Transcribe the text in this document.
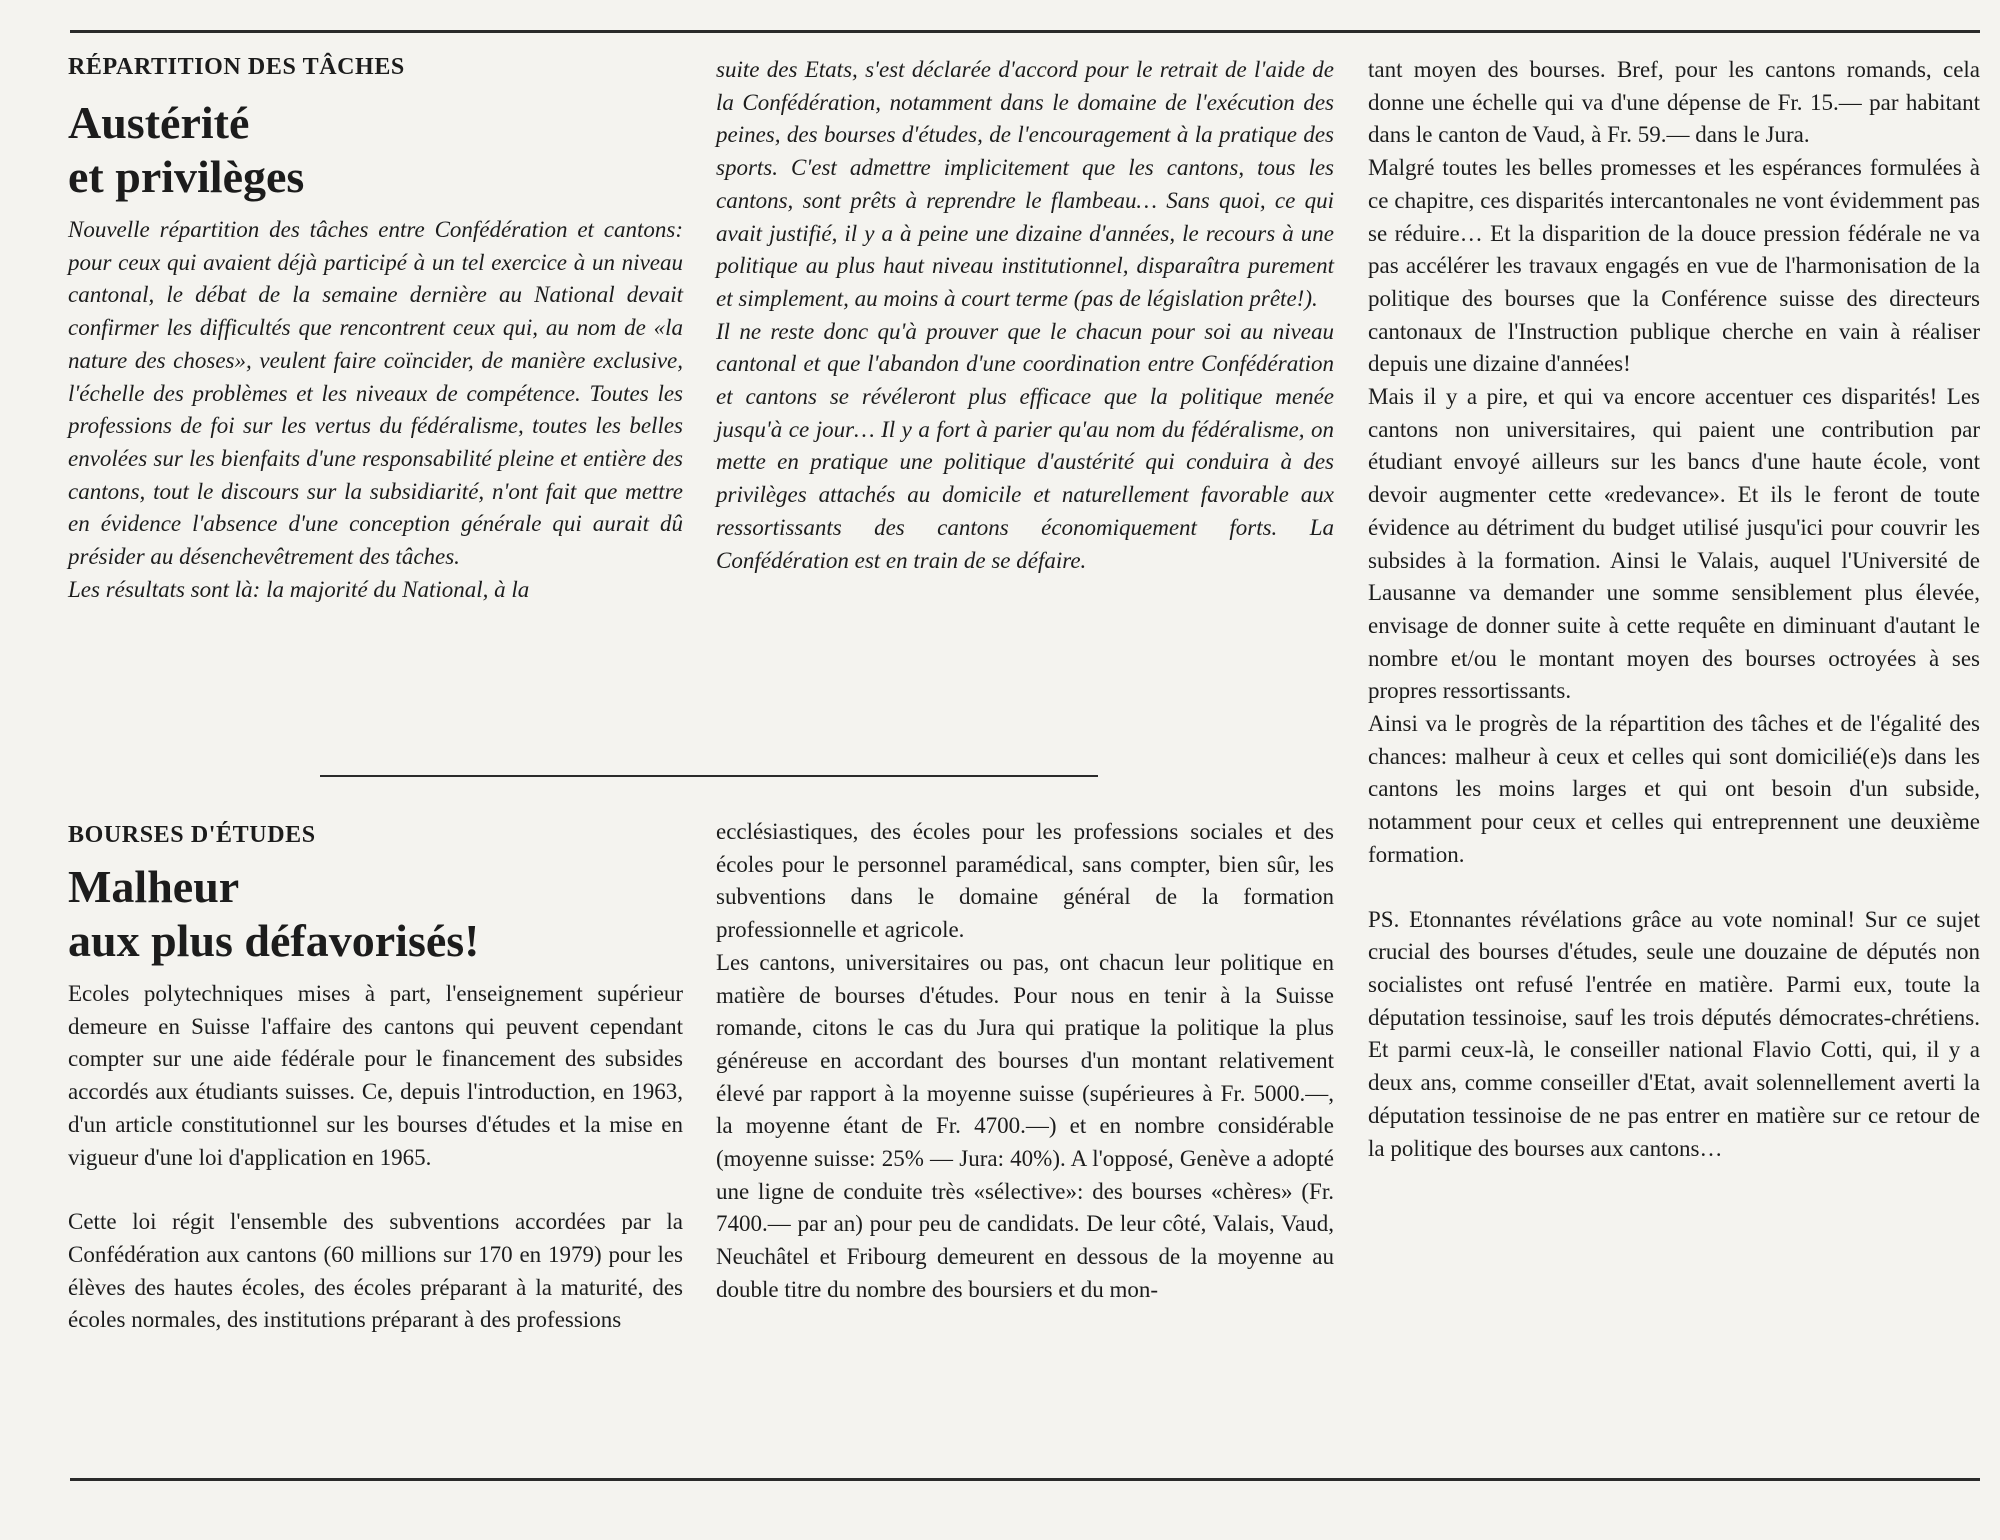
RÉPARTITION DES TÂCHES

Austérité
et privilèges

Nouvelle répartition des tâches entre Confédération et cantons: pour ceux qui avaient déjà participé à un tel exercice à un niveau cantonal, le débat de la semaine dernière au National devait confirmer les difficultés que rencontrent ceux qui, au nom de «la nature des choses», veulent faire coïncider, de manière exclusive, l'échelle des problèmes et les niveaux de compétence. Toutes les professions de foi sur les vertus du fédéralisme, toutes les belles envolées sur les bienfaits d'une responsabilité pleine et entière des cantons, tout le discours sur la subsidiarité, n'ont fait que mettre en évidence l'absence d'une conception générale qui aurait dû présider au désenchevêtrement des tâches.

Les résultats sont là: la majorité du National, à la

suite des Etats, s'est déclarée d'accord pour le retrait de l'aide de la Confédération, notamment dans le domaine de l'exécution des peines, des bourses d'études, de l'encouragement à la pratique des sports. C'est admettre implicitement que les cantons, tous les cantons, sont prêts à reprendre le flambeau… Sans quoi, ce qui avait justifié, il y a à peine une dizaine d'années, le recours à une politique au plus haut niveau institutionnel, disparaîtra purement et simplement, au moins à court terme (pas de législation prête!).

Il ne reste donc qu'à prouver que le chacun pour soi au niveau cantonal et que l'abandon d'une coordination entre Confédération et cantons se révéleront plus efficace que la politique menée jusqu'à ce jour… Il y a fort à parier qu'au nom du fédéralisme, on mette en pratique une politique d'austérité qui conduira à des privilèges attachés au domicile et naturellement favorable aux ressortissants des cantons économiquement forts. La Confédération est en train de se défaire.

BOURSES D'ÉTUDES

Malheur
aux plus défavorisés!

Ecoles polytechniques mises à part, l'enseignement supérieur demeure en Suisse l'affaire des cantons qui peuvent cependant compter sur une aide fédérale pour le financement des subsides accordés aux étudiants suisses. Ce, depuis l'introduction, en 1963, d'un article constitutionnel sur les bourses d'études et la mise en vigueur d'une loi d'application en 1965.

Cette loi régit l'ensemble des subventions accordées par la Confédération aux cantons (60 millions sur 170 en 1979) pour les élèves des hautes écoles, des écoles préparant à la maturité, des écoles normales, des institutions préparant à des professions

ecclésiastiques, des écoles pour les professions sociales et des écoles pour le personnel paramédical, sans compter, bien sûr, les subventions dans le domaine général de la formation professionnelle et agricole.

Les cantons, universitaires ou pas, ont chacun leur politique en matière de bourses d'études. Pour nous en tenir à la Suisse romande, citons le cas du Jura qui pratique la politique la plus généreuse en accordant des bourses d'un montant relativement élevé par rapport à la moyenne suisse (supérieures à Fr. 5000.—, la moyenne étant de Fr. 4700.—) et en nombre considérable (moyenne suisse: 25% — Jura: 40%). A l'opposé, Genève a adopté une ligne de conduite très «sélective»: des bourses «chères» (Fr. 7400.— par an) pour peu de candidats. De leur côté, Valais, Vaud, Neuchâtel et Fribourg demeurent en dessous de la moyenne au double titre du nombre des boursiers et du mon-

tant moyen des bourses. Bref, pour les cantons romands, cela donne une échelle qui va d'une dépense de Fr. 15.— par habitant dans le canton de Vaud, à Fr. 59.— dans le Jura.

Malgré toutes les belles promesses et les espérances formulées à ce chapitre, ces disparités intercantonales ne vont évidemment pas se réduire… Et la disparition de la douce pression fédérale ne va pas accélérer les travaux engagés en vue de l'harmonisation de la politique des bourses que la Conférence suisse des directeurs cantonaux de l'Instruction publique cherche en vain à réaliser depuis une dizaine d'années!

Mais il y a pire, et qui va encore accentuer ces disparités! Les cantons non universitaires, qui paient une contribution par étudiant envoyé ailleurs sur les bancs d'une haute école, vont devoir augmenter cette «redevance». Et ils le feront de toute évidence au détriment du budget utilisé jusqu'ici pour couvrir les subsides à la formation. Ainsi le Valais, auquel l'Université de Lausanne va demander une somme sensiblement plus élevée, envisage de donner suite à cette requête en diminuant d'autant le nombre et/ou le montant moyen des bourses octroyées à ses propres ressortissants.

Ainsi va le progrès de la répartition des tâches et de l'égalité des chances: malheur à ceux et celles qui sont domicilié(e)s dans les cantons les moins larges et qui ont besoin d'un subside, notamment pour ceux et celles qui entreprennent une deuxième formation.

PS. Etonnantes révélations grâce au vote nominal! Sur ce sujet crucial des bourses d'études, seule une douzaine de députés non socialistes ont refusé l'entrée en matière. Parmi eux, toute la députation tessinoise, sauf les trois députés démocrates-chrétiens. Et parmi ceux-là, le conseiller national Flavio Cotti, qui, il y a deux ans, comme conseiller d'Etat, avait solennellement averti la députation tessinoise de ne pas entrer en matière sur ce retour de la politique des bourses aux cantons…
